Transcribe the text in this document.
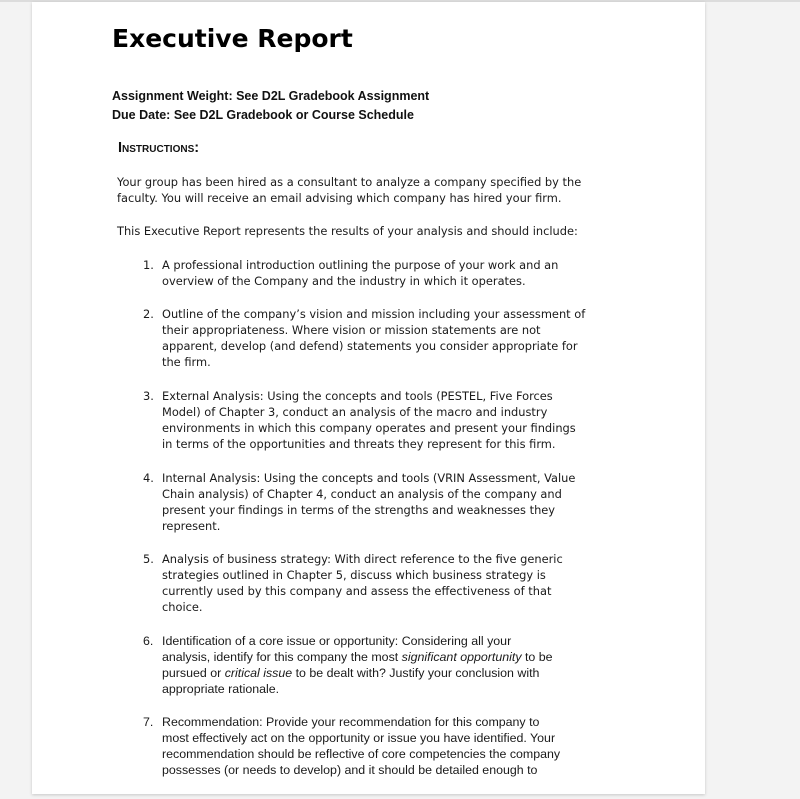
Executive Report
Assignment Weight: See D2L Gradebook Assignment
Due Date: See D2L Gradebook or Course Schedule
Instructions:
Your group has been hired as a consultant to analyze a company specified by the
faculty. You will receive an email advising which company has hired your firm.
This Executive Report represents the results of your analysis and should include:
1. A professional introduction outlining the purpose of your work and an
overview of the Company and the industry in which it operates.
2. Outline of the company’s vision and mission including your assessment of
their appropriateness. Where vision or mission statements are not
apparent, develop (and defend) statements you consider appropriate for
the firm.
3. External Analysis: Using the concepts and tools (PESTEL, Five Forces
Model) of Chapter 3, conduct an analysis of the macro and industry
environments in which this company operates and present your findings
in terms of the opportunities and threats they represent for this firm.
4. Internal Analysis: Using the concepts and tools (VRIN Assessment, Value
Chain analysis) of Chapter 4, conduct an analysis of the company and
present your findings in terms of the strengths and weaknesses they
represent.
5. Analysis of business strategy: With direct reference to the five generic
strategies outlined in Chapter 5, discuss which business strategy is
currently used by this company and assess the effectiveness of that
choice.
6. Identification of a core issue or opportunity: Considering all your
analysis, identify for this company the most significant opportunity to be
pursued or critical issue to be dealt with? Justify your conclusion with
appropriate rationale.
7. Recommendation: Provide your recommendation for this company to
most effectively act on the opportunity or issue you have identified. Your
recommendation should be reflective of core competencies the company
possesses (or needs to develop) and it should be detailed enough to
